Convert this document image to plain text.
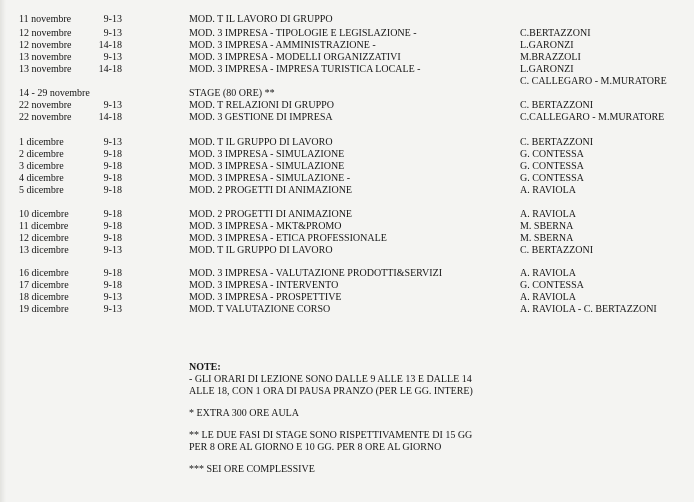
11 novembre	9-13	MOD. T IL LAVORO DI GRUPPO
12 novembre	9-13	MOD. 3 IMPRESA - TIPOLOGIE E LEGISLAZIONE -	C.BERTAZZONI
12 novembre	14-18	MOD. 3 IMPRESA - AMMINISTRAZIONE -	L.GARONZI
13 novembre	9-13	MOD. 3 IMPRESA - MODELLI ORGANIZZATIVI	M.BRAZZOLI
13 novembre	14-18	MOD. 3 IMPRESA - IMPRESA TURISTICA LOCALE -	L.GARONZI
C. CALLEGARO - M.MURATORE
14 - 29 novembre	STAGE (80 ORE) **
22 novembre	9-13	MOD. T RELAZIONI DI GRUPPO	C. BERTAZZONI
22 novembre	14-18	MOD. 3 GESTIONE DI IMPRESA	C.CALLEGARO - M.MURATORE
1 dicembre	9-13	MOD. T IL GRUPPO DI LAVORO	C. BERTAZZONI
2 dicembre	9-18	MOD. 3 IMPRESA - SIMULAZIONE	G. CONTESSA
3 dicembre	9-18	MOD. 3 IMPRESA - SIMULAZIONE	G. CONTESSA
4 dicembre	9-18	MOD. 3 IMPRESA - SIMULAZIONE -	G. CONTESSA
5 dicembre	9-18	MOD. 2 PROGETTI DI ANIMAZIONE	A. RAVIOLA
10 dicembre	9-18	MOD. 2 PROGETTI DI ANIMAZIONE	A. RAVIOLA
11 dicembre	9-18	MOD. 3 IMPRESA - MKT&PROMO	M. SBERNA
12 dicembre	9-18	MOD. 3 IMPRESA - ETICA PROFESSIONALE	M. SBERNA
13 dicembre	9-13	MOD. T IL GRUPPO DI LAVORO	C. BERTAZZONI
16 dicembre	9-18	MOD. 3 IMPRESA - VALUTAZIONE PRODOTTI&SERVIZI	A. RAVIOLA
17 dicembre	9-18	MOD. 3 IMPRESA - INTERVENTO	G. CONTESSA
18 dicembre	9-13	MOD. 3 IMPRESA - PROSPETTIVE	A. RAVIOLA
19 dicembre	9-13	MOD. T VALUTAZIONE CORSO	A. RAVIOLA - C. BERTAZZONI

NOTE:

- GLI ORARI DI LEZIONE SONO DALLE 9 ALLE 13 E DALLE 14

ALLE 18, CON 1 ORA DI PAUSA PRANZO (PER LE GG. INTERE)

* EXTRA 300 ORE AULA

** LE DUE FASI DI STAGE SONO RISPETTIVAMENTE DI 15 GG

PER 8 ORE AL GIORNO E 10 GG. PER 8 ORE AL GIORNO

*** SEI ORE COMPLESSIVE
